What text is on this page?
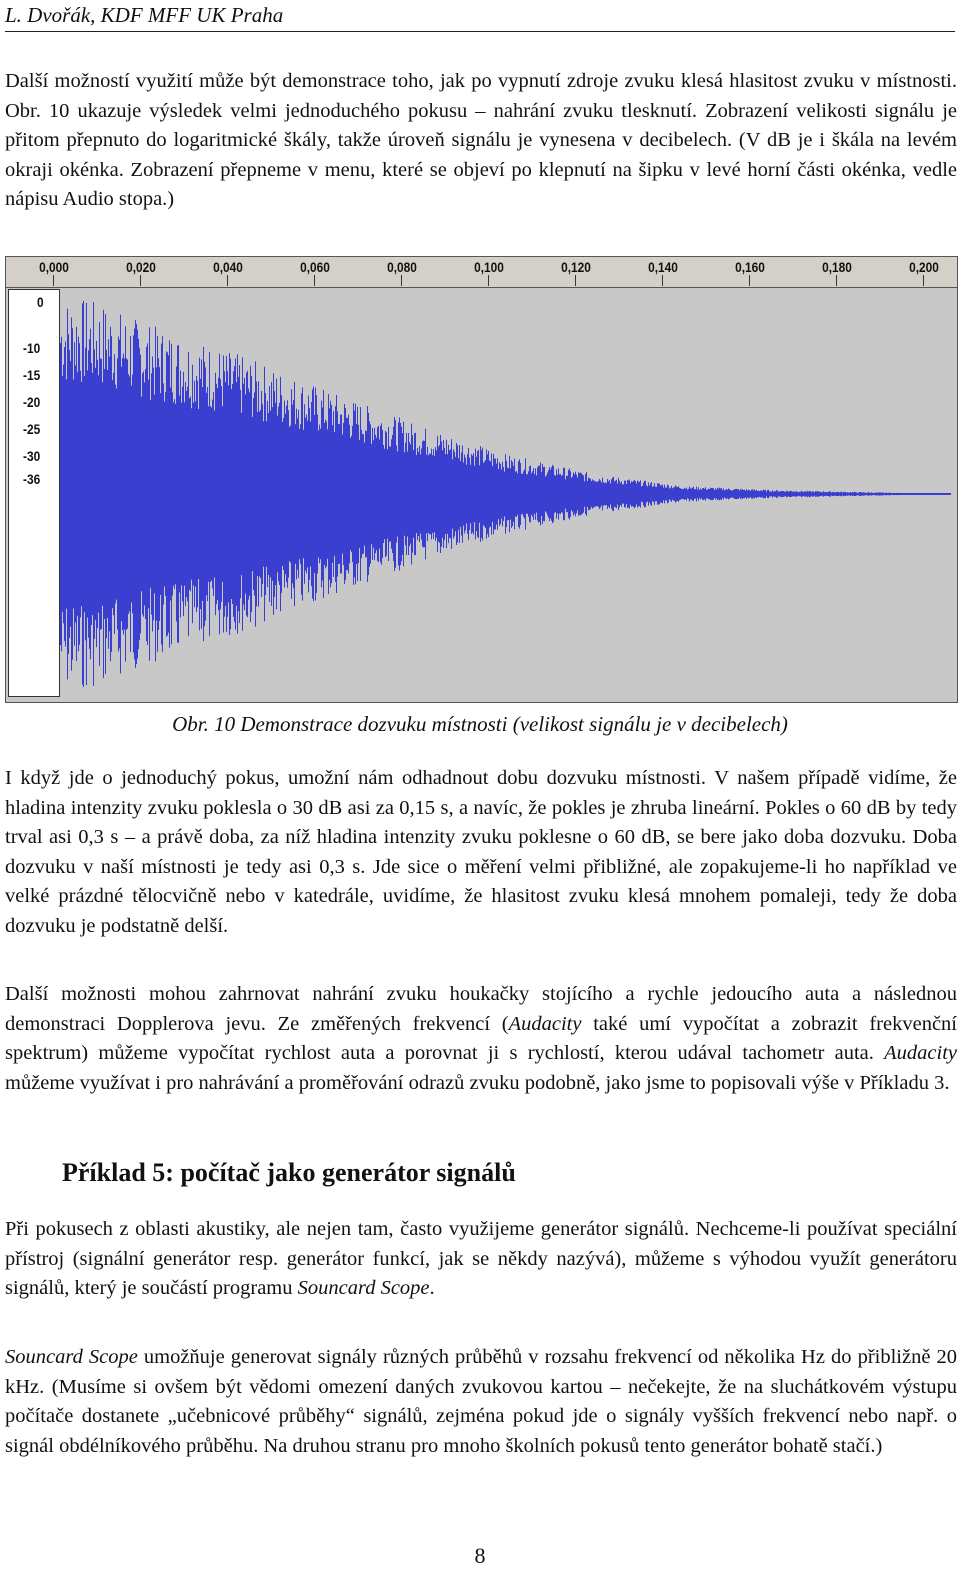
L. Dvořák, KDF MFF UK Praha

Další možností využití může být demonstrace toho, jak po vypnutí zdroje zvuku klesá hlasitost zvuku v místnosti. Obr. 10 ukazuje výsledek velmi jednoduchého pokusu – nahrání zvuku tlesknutí. Zobrazení velikosti signálu je přitom přepnuto do logaritmické škály, takže úroveň signálu je vynesena v decibelech. (V dB je i škála na levém okraji okénka. Zobrazení přepneme v menu, které se objeví po klepnutí na šipku v levé horní části okénka, vedle nápisu Audio stopa.)

0,000	0,020	0,040	0,060	0,080	0,100	0,120	0,140	0,160	0,180	0,200
0
-10
-15
-20
-25
-30
-36
Obr. 10 Demonstrace dozvuku místnosti (velikost signálu je v decibelech)

I když jde o jednoduchý pokus, umožní nám odhadnout dobu dozvuku místnosti. V našem případě vidíme, že hladina intenzity zvuku poklesla o 30 dB asi za 0,15 s, a navíc, že pokles je zhruba lineární. Pokles o 60 dB by tedy trval asi 0,3 s – a právě doba, za níž hladina intenzity zvuku poklesne o 60 dB, se bere jako doba dozvuku. Doba dozvuku v naší místnosti je tedy asi 0,3 s. Jde sice o měření velmi přibližné, ale zopakujeme-li ho například ve velké prázdné tělocvičně nebo v katedrále, uvidíme, že hlasitost zvuku klesá mnohem pomaleji, tedy že doba dozvuku je podstatně delší.

Další možnosti mohou zahrnovat nahrání zvuku houkačky stojícího a rychle jedoucího auta a následnou demonstraci Dopplerova jevu. Ze změřených frekvencí (Audacity také umí vypočítat a zobrazit frekvenční spektrum) můžeme vypočítat rychlost auta a porovnat ji s rychlostí, kterou udával tachometr auta. Audacity můžeme využívat i pro nahrávání a proměřování odrazů zvuku podobně, jako jsme to popisovali výše v Příkladu 3.

Příklad 5: počítač jako generátor signálů

Při pokusech z oblasti akustiky, ale nejen tam, často využijeme generátor signálů. Nechceme-li používat speciální přístroj (signální generátor resp. generátor funkcí, jak se někdy nazývá), můžeme s výhodou využít generátoru signálů, který je součástí programu Souncard Scope.

Souncard Scope umožňuje generovat signály různých průběhů v rozsahu frekvencí od několika Hz do přibližně 20 kHz. (Musíme si ovšem být vědomi omezení daných zvukovou kartou – nečekejte, že na sluchátkovém výstupu počítače dostanete „učebnicové průběhy“ signálů, zejména pokud jde o signály vyšších frekvencí nebo např. o signál obdélníkového průběhu. Na druhou stranu pro mnoho školních pokusů tento generátor bohatě stačí.)

8
